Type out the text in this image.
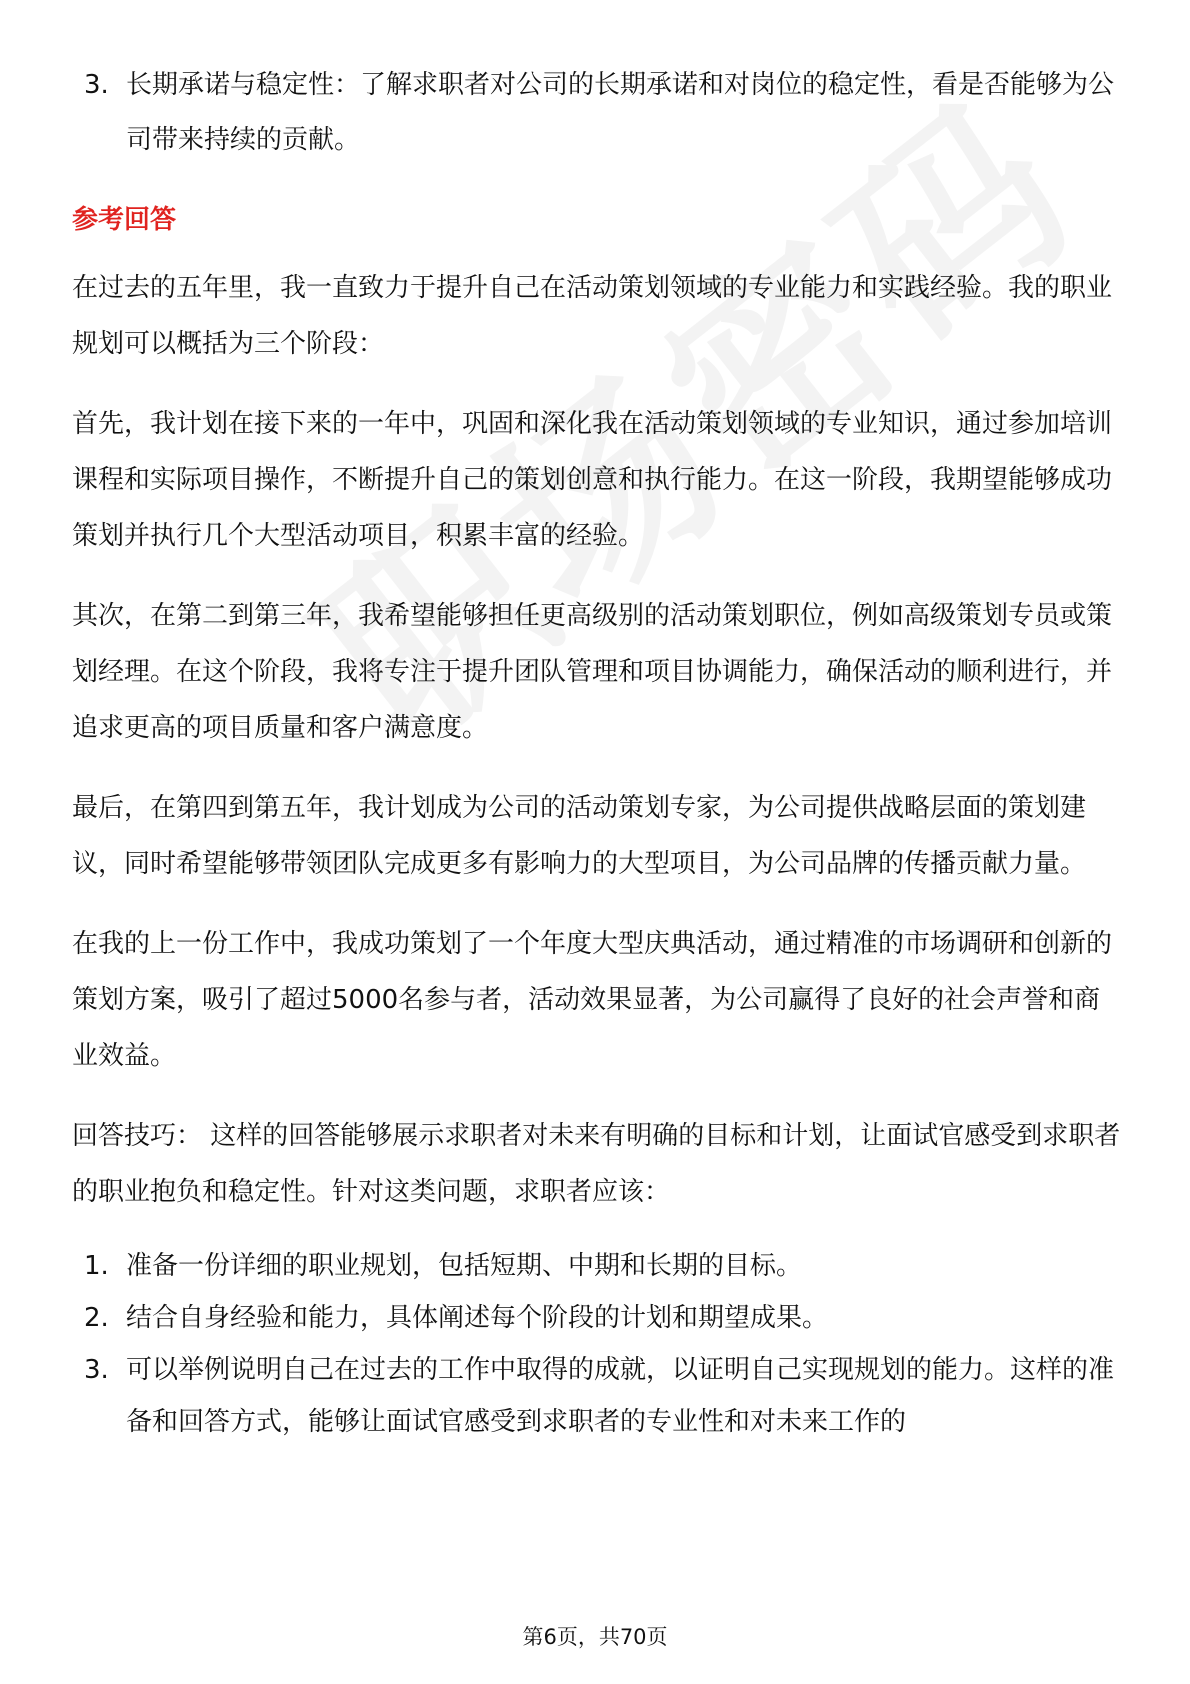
3. 长期承诺与稳定性：了解求职者对公司的长期承诺和对岗位的稳定性，看是否能够为公司带来持续的贡献。
参考回答

在过去的五年里，我一直致力于提升自己在活动策划领域的专业能力和实践经验。我的职业规划可以概括为三个阶段：

首先，我计划在接下来的一年中，巩固和深化我在活动策划领域的专业知识，通过参加培训课程和实际项目操作，不断提升自己的策划创意和执行能力。在这一阶段，我期望能够成功策划并执行几个大型活动项目，积累丰富的经验。

其次，在第二到第三年，我希望能够担任更高级别的活动策划职位，例如高级策划专员或策划经理。在这个阶段，我将专注于提升团队管理和项目协调能力，确保活动的顺利进行，并追求更高的项目质量和客户满意度。

最后，在第四到第五年，我计划成为公司的活动策划专家，为公司提供战略层面的策划建议，同时希望能够带领团队完成更多有影响力的大型项目，为公司品牌的传播贡献力量。

在我的上一份工作中，我成功策划了一个年度大型庆典活动，通过精准的市场调研和创新的策划方案，吸引了超过5000名参与者，活动效果显著，为公司赢得了良好的社会声誉和商业效益。

回答技巧： 这样的回答能够展示求职者对未来有明确的目标和计划，让面试官感受到求职者的职业抱负和稳定性。针对这类问题，求职者应该：

1. 准备一份详细的职业规划，包括短期、中期和长期的目标。
2. 结合自身经验和能力，具体阐述每个阶段的计划和期望成果。
3. 可以举例说明自己在过去的工作中取得的成就，以证明自己实现规划的能力。这样的准备和回答方式，能够让面试官感受到求职者的专业性和对未来工作的
第6页，共70页
